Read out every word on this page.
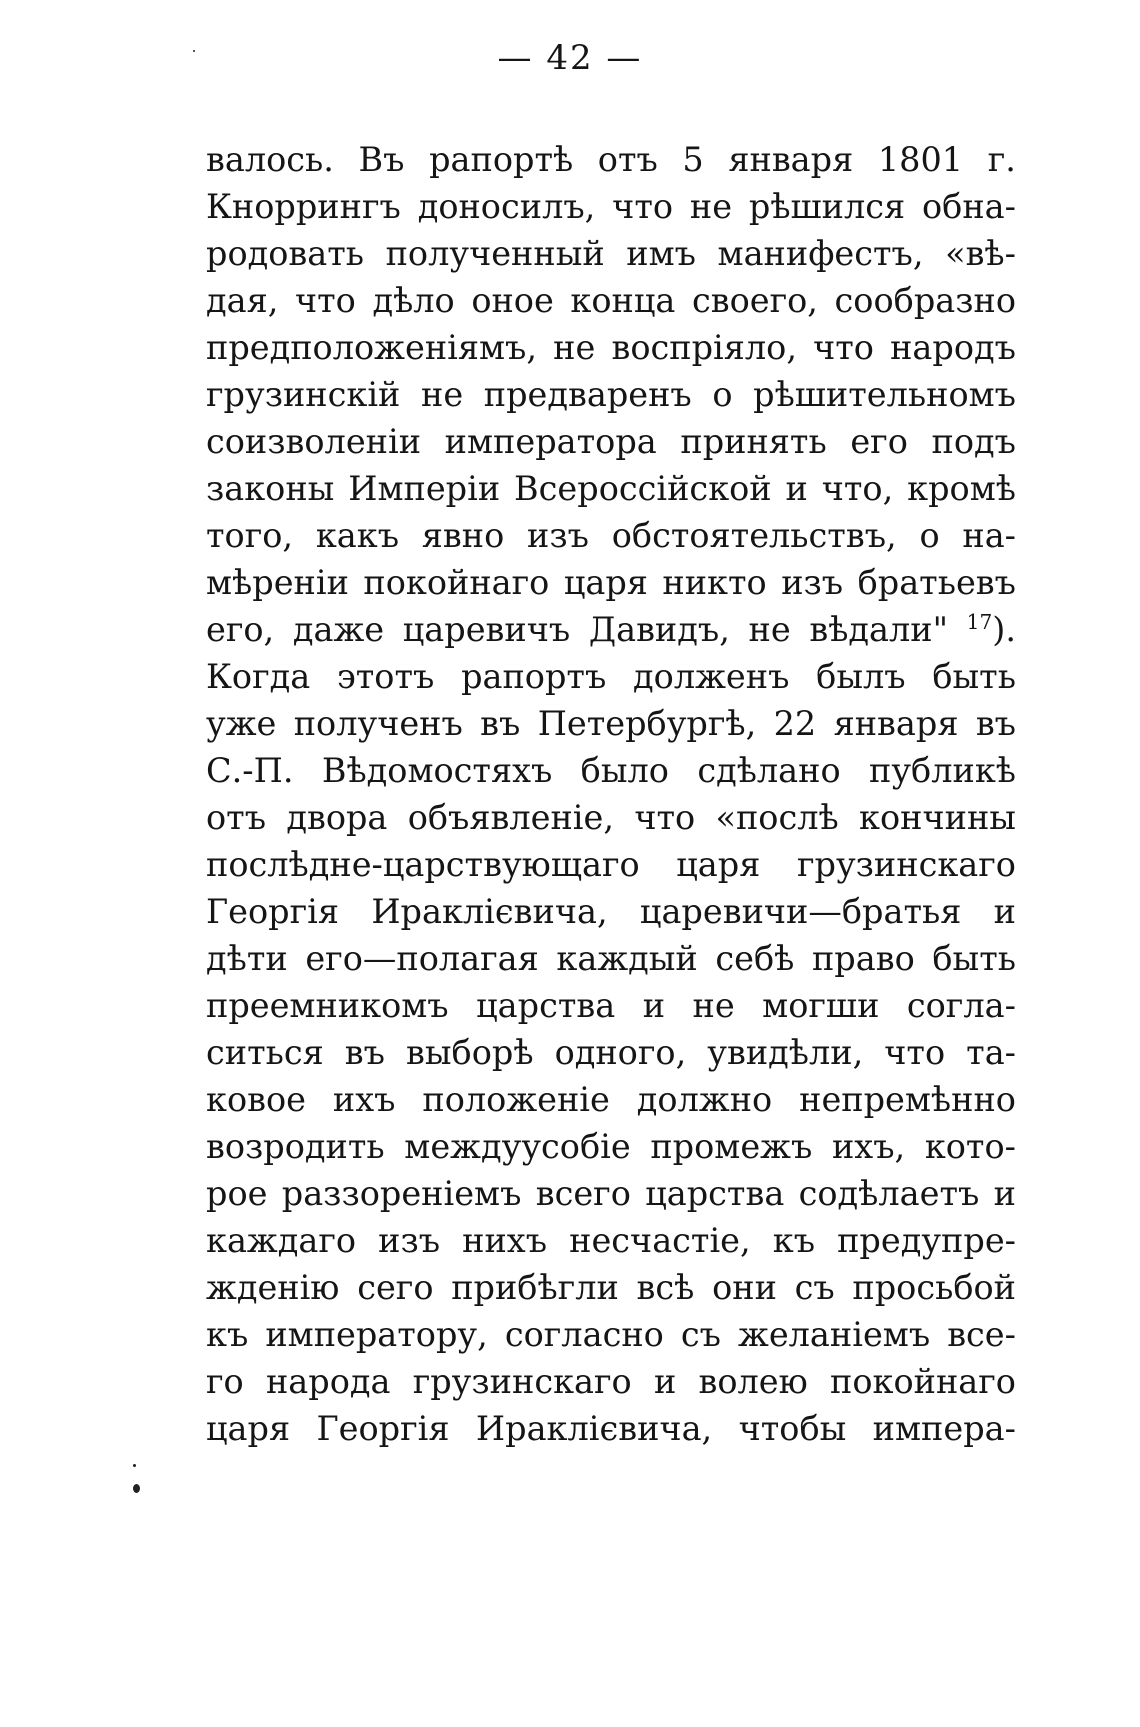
— 42 —
валось. Въ рапортѣ отъ 5 января 1801 г.
Кноррингъ доносилъ, что не рѣшился обна-
родовать полученный имъ манифестъ, «вѣ-
дая, что дѣло оное конца своего, сообразно
предположеніямъ, не воспріяло, что народъ
грузинскій не предваренъ о рѣшительномъ
соизволеніи императора принять его подъ
законы Имперіи Всероссійской и что, кромѣ
того, какъ явно изъ обстоятельствъ, о на-
мѣреніи покойнаго царя никто изъ братьевъ
его, даже царевичъ Давидъ, не вѣдали" $^{17}$).
Когда этотъ рапортъ долженъ былъ быть
уже полученъ въ Петербургѣ, 22 января въ
С.-П. Вѣдомостяхъ было сдѣлано публикѣ
отъ двора объявленіе, что «послѣ кончины
послѣдне-царствующаго царя грузинскаго
Георгія Ираклієвича, царевичи—братья и
дѣти его—полагая каждый себѣ право быть
преемникомъ царства и не могши согла-
ситься въ выборѣ одного, увидѣли, что та-
ковое ихъ положеніе должно непремѣнно
возродить междуусобіе промежъ ихъ, кото-
рое раззореніемъ всего царства содѣлаетъ и
каждаго изъ нихъ несчастіе, къ предупре-
жденію сего прибѣгли всѣ они съ просьбой
къ императору, согласно съ желаніемъ все-
го народа грузинскаго и волею покойнаго
царя Георгія Ираклієвича, чтобы импера-
